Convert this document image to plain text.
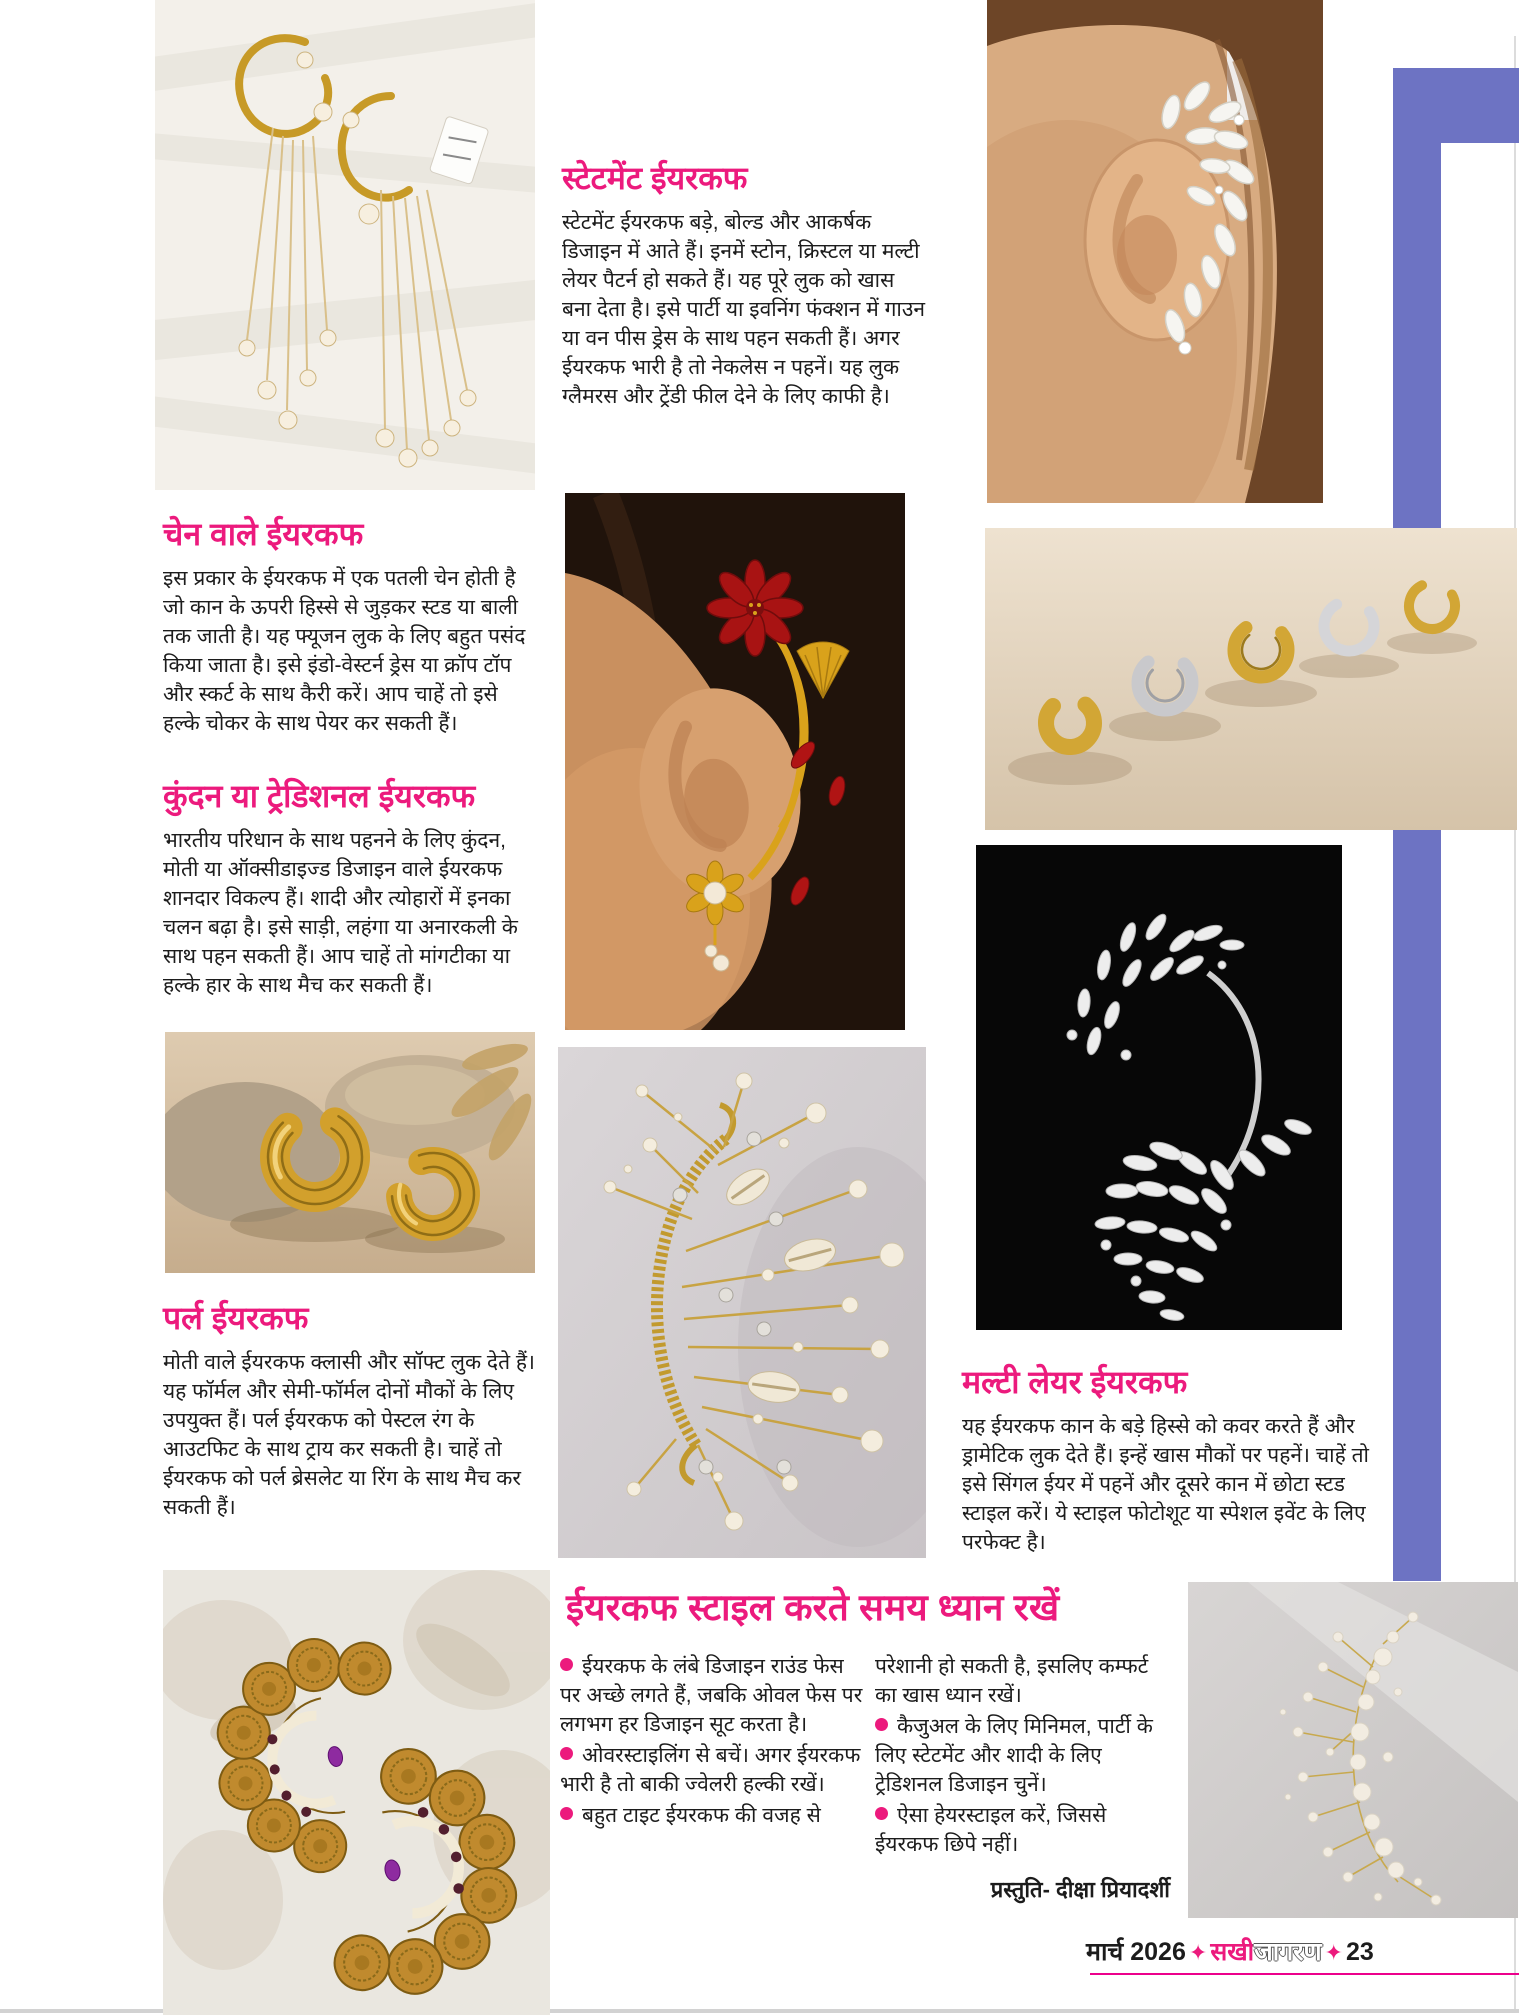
स्टेटमेंट ईयरकफ

स्टेटमेंट ईयरकफ बड़े, बोल्ड और आकर्षक डिजाइन में आते हैं। इनमें स्टोन, क्रिस्टल या मल्टी लेयर पैटर्न हो सकते हैं। यह पूरे लुक को खास बना देता है। इसे पार्टी या इवनिंग फंक्शन में गाउन या वन पीस ड्रेस के साथ पहन सकती हैं। अगर ईयरकफ भारी है तो नेकलेस न पहनें। यह लुक ग्लैमरस और ट्रेंडी फील देने के लिए काफी है।

चेन वाले ईयरकफ

इस प्रकार के ईयरकफ में एक पतली चेन होती है जो कान के ऊपरी हिस्से से जुड़कर स्टड या बाली तक जाती है। यह फ्यूजन लुक के लिए बहुत पसंद किया जाता है। इसे इंडो-वेस्टर्न ड्रेस या क्रॉप टॉप और स्कर्ट के साथ कैरी करें। आप चाहें तो इसे हल्के चोकर के साथ पेयर कर सकती हैं।

कुंदन या ट्रेडिशनल ईयरकफ

भारतीय परिधान के साथ पहनने के लिए कुंदन, मोती या ऑक्सीडाइज्ड डिजाइन वाले ईयरकफ शानदार विकल्प हैं। शादी और त्योहारों में इनका चलन बढ़ा है। इसे साड़ी, लहंगा या अनारकली के साथ पहन सकती हैं। आप चाहें तो मांगटीका या हल्के हार के साथ मैच कर सकती हैं।

पर्ल ईयरकफ

मोती वाले ईयरकफ क्लासी और सॉफ्ट लुक देते हैं। यह फॉर्मल और सेमी-फॉर्मल दोनों मौकों के लिए उपयुक्त हैं। पर्ल ईयरकफ को पेस्टल रंग के आउटफिट के साथ ट्राय कर सकती है। चाहें तो ईयरकफ को पर्ल ब्रेसलेट या रिंग के साथ मैच कर सकती हैं।

मल्टी लेयर ईयरकफ

यह ईयरकफ कान के बड़े हिस्से को कवर करते हैं और ड्रामेटिक लुक देते हैं। इन्हें खास मौकों पर पहनें। चाहें तो इसे सिंगल ईयर में पहनें और दूसरे कान में छोटा स्टड स्टाइल करें। ये स्टाइल फोटोशूट या स्पेशल इवेंट के लिए परफेक्ट है।

ईयरकफ स्टाइल करते समय ध्यान रखें

ईयरकफ के लंबे डिजाइन राउंड फेस पर अच्छे लगते हैं, जबकि ओवल फेस पर लगभग हर डिजाइन सूट करता है।

ओवरस्टाइलिंग से बचें। अगर ईयरकफ भारी है तो बाकी ज्वेलरी हल्की रखें।

बहुत टाइट ईयरकफ की वजह से

परेशानी हो सकती है, इसलिए कम्फर्ट का खास ध्यान रखें।

कैजुअल के लिए मिनिमल, पार्टी के लिए स्टेटमेंट और शादी के लिए ट्रेडिशनल डिजाइन चुनें।

ऐसा हेयरस्टाइल करें, जिससे ईयरकफ छिपे नहीं।

प्रस्तुति- दीक्षा प्रियादर्शी
मार्च 2026 ✦ सखीजागरण ✦ 23
